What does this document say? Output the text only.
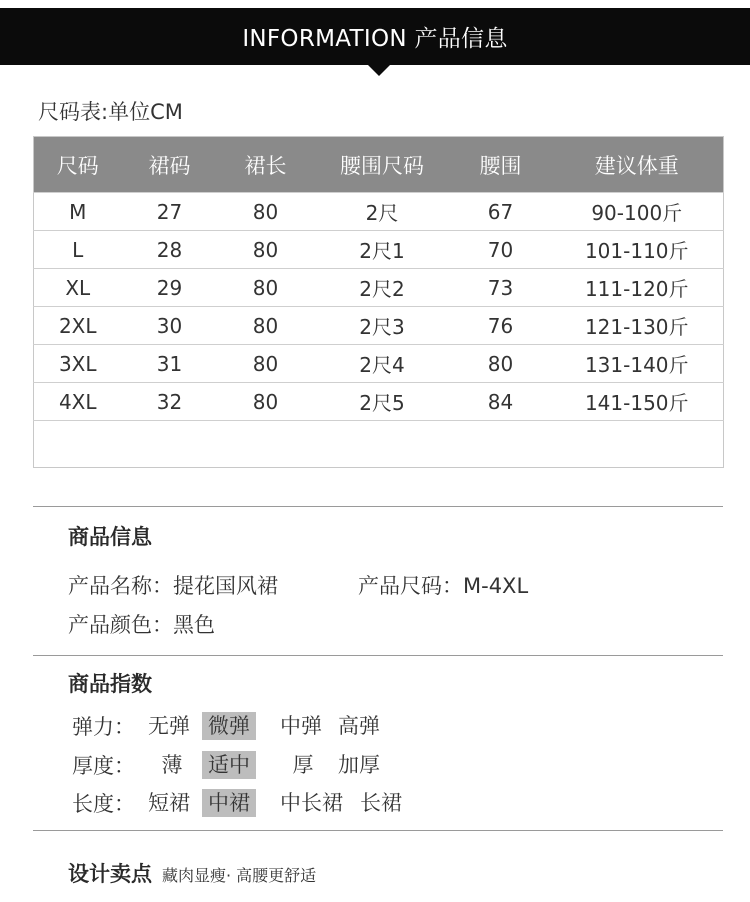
INFORMATION 产品信息
尺码表:单位CM
尺码	裙码	裙长	腰围尺码	腰围	建议体重
M	27	80	2尺	67	90-100斤
L	28	80	2尺1	70	101-110斤
XL	29	80	2尺2	73	111-120斤
2XL	30	80	2尺3	76	121-130斤
3XL	31	80	2尺4	80	131-140斤
4XL	32	80	2尺5	84	141-150斤

商品信息
产品名称：提花国风裙	产品尺码：M-4XL
产品颜色：黑色
商品指数
弹力： 无弹 微弹 中弹 高弹
厚度：	薄 适中 厚 加厚
长度： 短裙 中裙 中长裙 长裙
设计卖点 藏肉显瘦· 高腰更舒适
